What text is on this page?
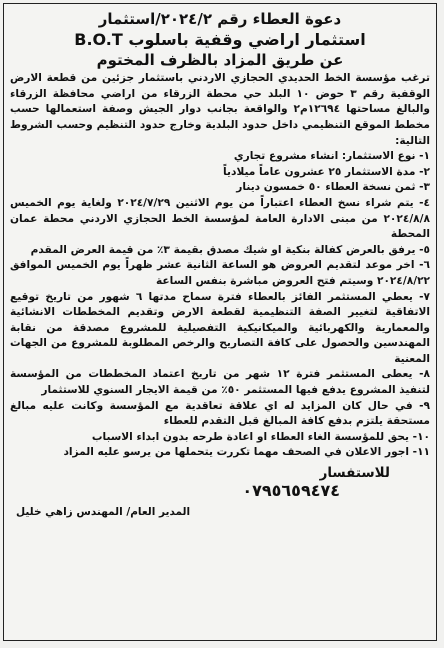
دعوة العطاء رقم ٢٠٢٤/٢/استثمار
استثمار اراضي وقفية باسلوب B.O.T
عن طريق المزاد بالظرف المختوم

ترغب مؤسسة الخط الحديدي الحجازي الاردني باستثمار جزئين من قطعة الارض الوقفية رقم ٣ حوض ١٠ البلد حي محطة الزرقاء من اراضي محافظة الزرقاء والبالغ مساحتها ١٢٦٩٤م٢ والواقعة بجانب دوار الجيش وصفة استعمالها حسب مخطط الموقع التنظيمي داخل حدود البلدية وخارج حدود التنظيم وحسب الشروط التالية:

١- نوع الاستثمار: انشاء مشروع تجاري

٢- مدة الاستثمار ٢٥ عشرون عاماً ميلادياً

٣- ثمن نسخة العطاء ٥٠ خمسون دينار

٤- يتم شراء نسخ العطاء اعتباراً من يوم الاثنين ٢٠٢٤/٧/٢٩ ولغاية يوم الخميس ٢٠٢٤/٨/٨ من مبنى الادارة العامة لمؤسسة الخط الحجازي الاردني محطة عمان المحطة

٥- يرفق بالعرض كفالة بنكية او شيك مصدق بقيمة ٣٪ من قيمة العرض المقدم

٦- اخر موعد لتقديم العروض هو الساعة الثانية عشر ظهراً يوم الخميس الموافق ٢٠٢٤/٨/٢٢ وسيتم فتح العروض مباشرة بنفس الساعة

٧- يعطي المستثمر الفائز بالعطاء فترة سماح مدتها ٦ شهور من تاريخ توقيع الاتفاقية لتغيير الصفة التنظيمية لقطعة الارض وتقديم المخططات الانشائية والمعمارية والكهربائية والميكانيكية التفصيلية للمشروع مصدقة من نقابة المهندسين والحصول على كافة التصاريح والرخص المطلوبة للمشروع من الجهات المعنية

٨- يعطى المستثمر فترة ١٢ شهر من تاريخ اعتماد المخططات من المؤسسة لتنفيذ المشروع يدفع فيها المستثمر ٥٠٪ من قيمة الايجار السنوي للاستثمار

٩- في حال كان المزايد له اي علاقة تعاقدية مع المؤسسة وكانت عليه مبالغ مستحقة يلتزم بدفع كافة المبالغ قبل التقدم للعطاء

١٠- يحق للمؤسسة الغاء العطاء او اعادة طرحه بدون ابداء الاسباب

١١- اجور الاعلان في الصحف مهما تكررت يتحملها من يرسو عليه المزاد

للاستفسار
٠٧٩٥٦٥٩٤٧٤
المدير العام/ المهندس زاهي خليل
